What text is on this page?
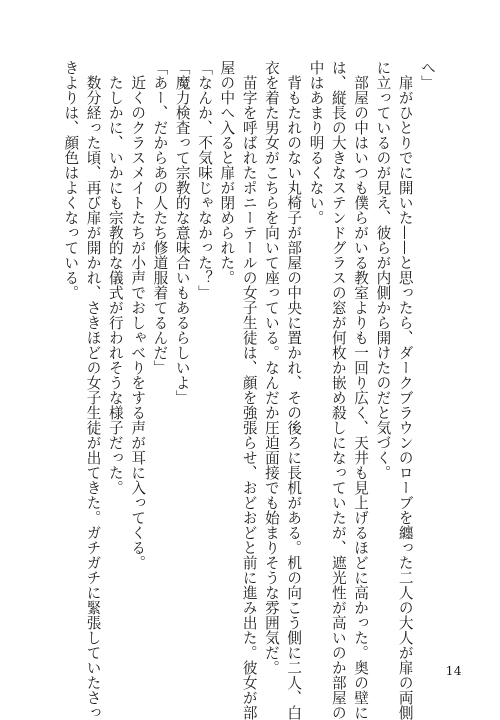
へ」
　扉がひとりでに開いた——と思ったら、ダークブラウンのローブを纏った二人の大人が扉の両側
に立っているのが見え、彼らが内側から開けたのだと気づく。
　部屋の中はいつも僕らがいる教室よりも一回り広く、天井も見上げるほどに高かった。奥の壁に
は、縦長の大きなステンドグラスの窓が何枚か嵌め殺しになっていたが、遮光性が高いのか部屋の
中はあまり明るくない。
　背もたれのない丸椅子が部屋の中央に置かれ、その後ろに長机がある。机の向こう側に二人、白
衣を着た男女がこちらを向いて座っている。なんだか圧迫面接でも始まりそうな雰囲気だ。
　苗字を呼ばれたポニーテールの女子生徒は、顔を強張らせ、おどおどと前に進み出た。彼女が部
屋の中へ入ると扉が閉められた。
「なんか、不気味じゃなかった？」
「魔力検査って宗教的な意味合いもあるらしいよ」
「あー、だからあの人たち修道服着てるんだ」
　近くのクラスメイトたちが小声でおしゃべりをする声が耳に入ってくる。
　たしかに、いかにも宗教的な儀式が行われそうな様子だった。
　数分経った頃、再び扉が開かれ、さきほどの女子生徒が出てきた。ガチガチに緊張していたさっ
きよりは、顔色はよくなっている。
14
